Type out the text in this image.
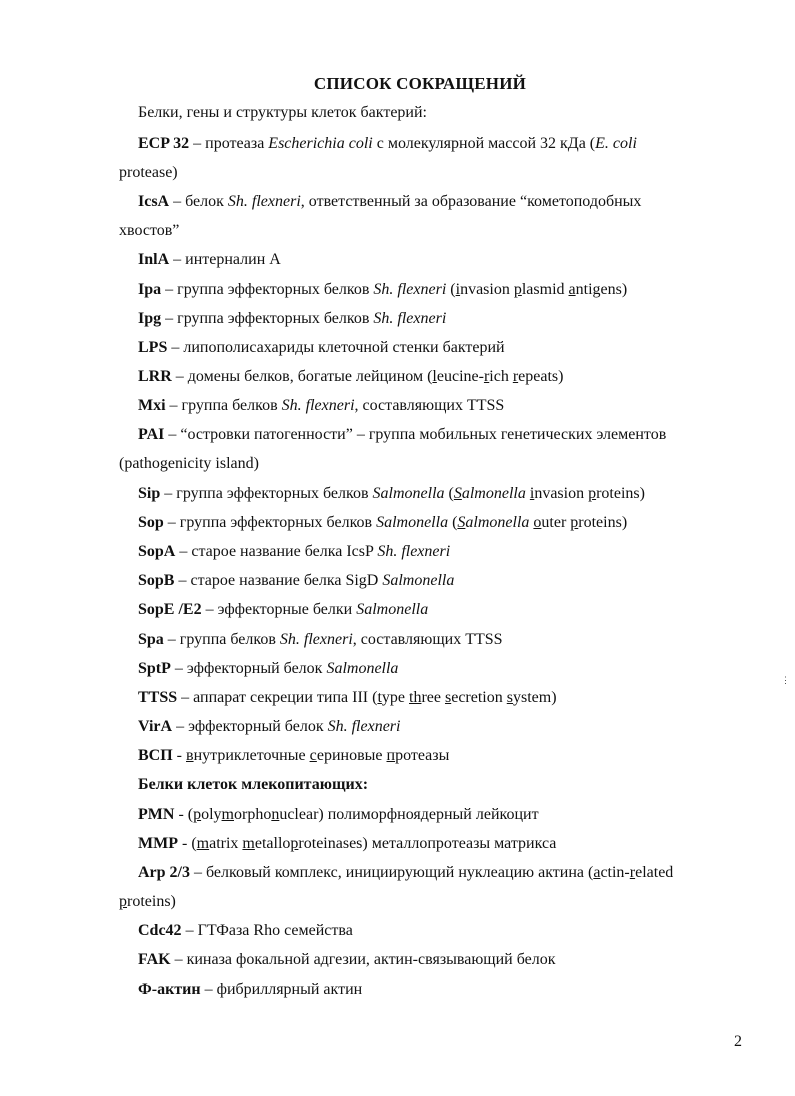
СПИСОК СОКРАЩЕНИЙ
Белки, гены и структуры клеток бактерий:
ECP 32 – протеаза Escherichia coli с молекулярной массой 32 кДа (E. coli
protease)
IcsA – белок Sh. flexneri, ответственный за образование “кометоподобных
хвостов”
InlA – интерналин А
Ipa – группа эффекторных белков Sh. flexneri (invasion plasmid antigens)
Ipg – группа эффекторных белков Sh. flexneri
LPS – липополисахариды клеточной стенки бактерий
LRR – домены белков, богатые лейцином (leucine-rich repeats)
Mxi – группа белков Sh. flexneri, составляющих TTSS
PAI – “островки патогенности” – группа мобильных генетических элементов
(pathogenicity island)
Sip – группа эффекторных белков Salmonella (Salmonella invasion proteins)
Sop – группа эффекторных белков Salmonella (Salmonella outer proteins)
SopA – старое название белка IcsP Sh. flexneri
SopB – старое название белка SigD Salmonella
SopE /E2 – эффекторные белки Salmonella
Spa – группа белков Sh. flexneri, составляющих TTSS
SptP – эффекторный белок Salmonella
TTSS – аппарат секреции типа III (type three secretion system)
VirA – эффекторный белок Sh. flexneri
ВСП - внутриклеточные сериновые протеазы
Белки клеток млекопитающих:
PMN - (polymorphonuclear) полиморфноядерный лейкоцит
MMP - (matrix metalloproteinases) металлопротеазы матрикса
Arp 2/3 – белковый комплекс, инициирующий нуклеацию актина (actin-related
proteins)
Cdc42 – ГТФаза Rho семейства
FAK – киназа фокальной адгезии, актин-связывающий белок
Ф-актин – фибриллярный актин
⋮
2
